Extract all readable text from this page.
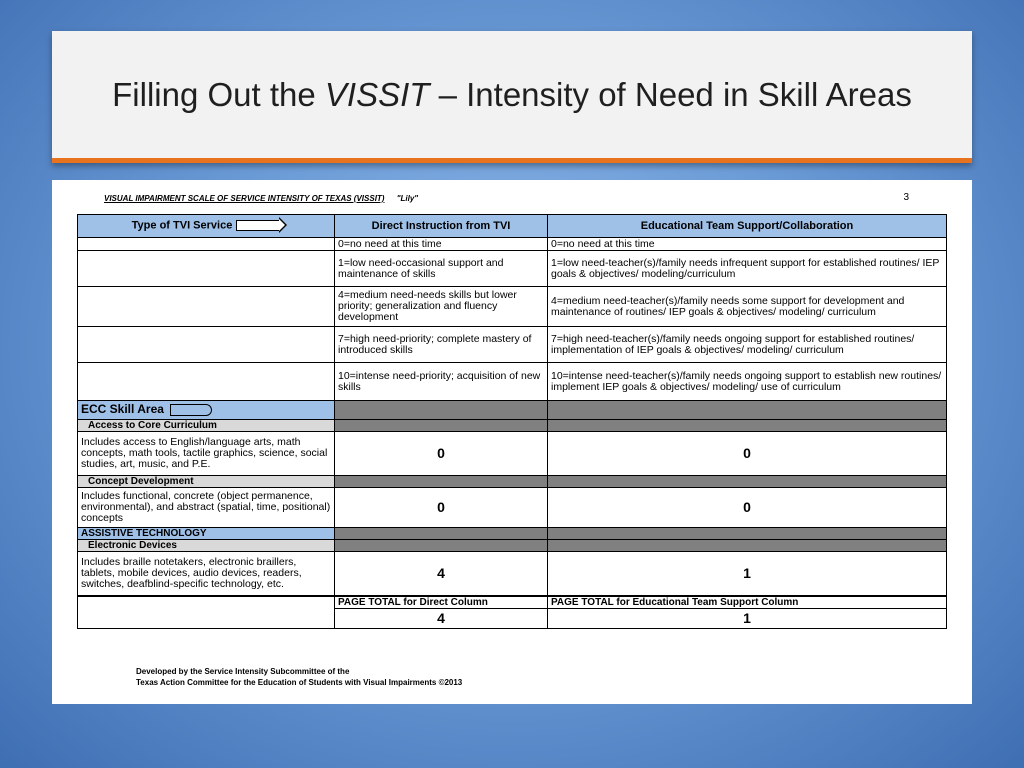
Filling Out the VISSIT – Intensity of Need in Skill Areas
VISUAL IMPAIRMENT SCALE OF SERVICE INTENSITY OF TEXAS (VISSIT) "Lily"	3
Type of TVI Service	Direct Instruction from TVI	Educational Team Support/Collaboration
	0=no need at this time	0=no need at this time
	1=low need-occasional support and maintenance of skills	1=low need-teacher(s)/family needs infrequent support for established routines/ IEP goals & objectives/ modeling/curriculum
	4=medium need-needs skills but lower priority; generalization and fluency development	4=medium need-teacher(s)/family needs some support for development and maintenance of routines/ IEP goals & objectives/ modeling/ curriculum
	7=high need-priority; complete mastery of introduced skills	7=high need-teacher(s)/family needs ongoing support for established routines/ implementation of IEP goals & objectives/ modeling/ curriculum
	10=intense need-priority; acquisition of new skills	10=intense need-teacher(s)/family needs ongoing support to establish new routines/ implement IEP goals & objectives/ modeling/ use of curriculum
ECC Skill Area		
Access to Core Curriculum		
Includes access to English/language arts, math concepts, math tools, tactile graphics, science, social studies, art, music, and P.E.	0	0
Concept Development		
Includes functional, concrete (object permanence, environmental), and abstract (spatial, time, positional) concepts	0	0
ASSISTIVE TECHNOLOGY		
Electronic Devices		
Includes braille notetakers, electronic braillers, tablets, mobile devices, audio devices, readers, switches, deafblind-specific technology, etc.	4	1
	PAGE TOTAL for Direct Column	PAGE TOTAL for Educational Team Support Column
	4	1
Developed by the Service Intensity Subcommittee of the
Texas Action Committee for the Education of Students with Visual Impairments ©2013
